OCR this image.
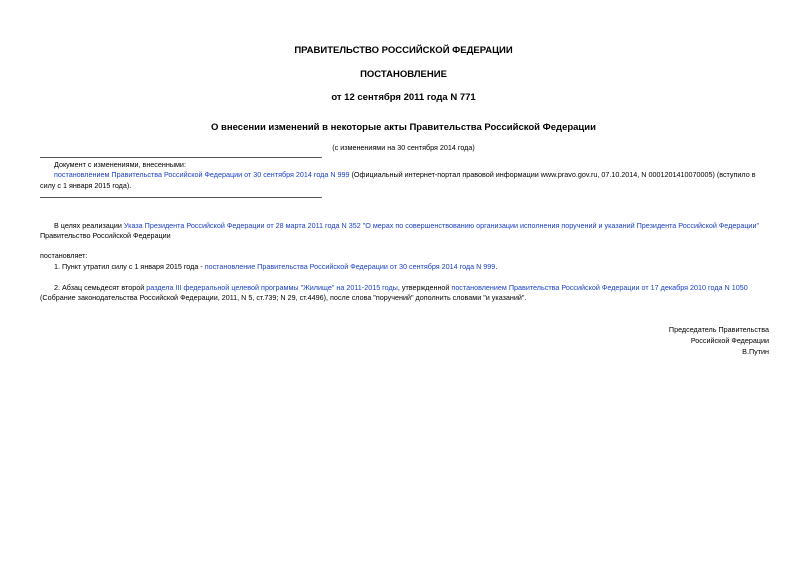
ПРАВИТЕЛЬСТВО РОССИЙСКОЙ ФЕДЕРАЦИИ
ПОСТАНОВЛЕНИЕ
от 12 сентября 2011 года N 771
О внесении изменений в некоторые акты Правительства Российской Федерации
(с изменениями на 30 сентября 2014 года)
Документ с изменениями, внесенными:
постановлением Правительства Российской Федерации от 30 сентября 2014 года N 999 (Официальный интернет-портал правовой информации www.pravo.gov.ru, 07.10.2014, N 0001201410070005) (вступило в
силу с 1 января 2015 года).
В целях реализации Указа Президента Российской Федерации от 28 марта 2011 года N 352 "О мерах по совершенствованию организации исполнения поручений и указаний Президента Российской Федерации"
Правительство Российской Федерации
постановляет:
1. Пункт утратил силу с 1 января 2015 года - постановление Правительства Российской Федерации от 30 сентября 2014 года N 999.
2. Абзац семьдесят второй раздела III федеральной целевой программы "Жилище" на 2011-2015 годы, утвержденной постановлением Правительства Российской Федерации от 17 декабря 2010 года N 1050
(Собрание законодательства Российской Федерации, 2011, N 5, ст.739; N 29, ст.4496), после слова "поручений" дополнить словами "и указаний".
Председатель Правительства
Российской Федерации
В.Путин
